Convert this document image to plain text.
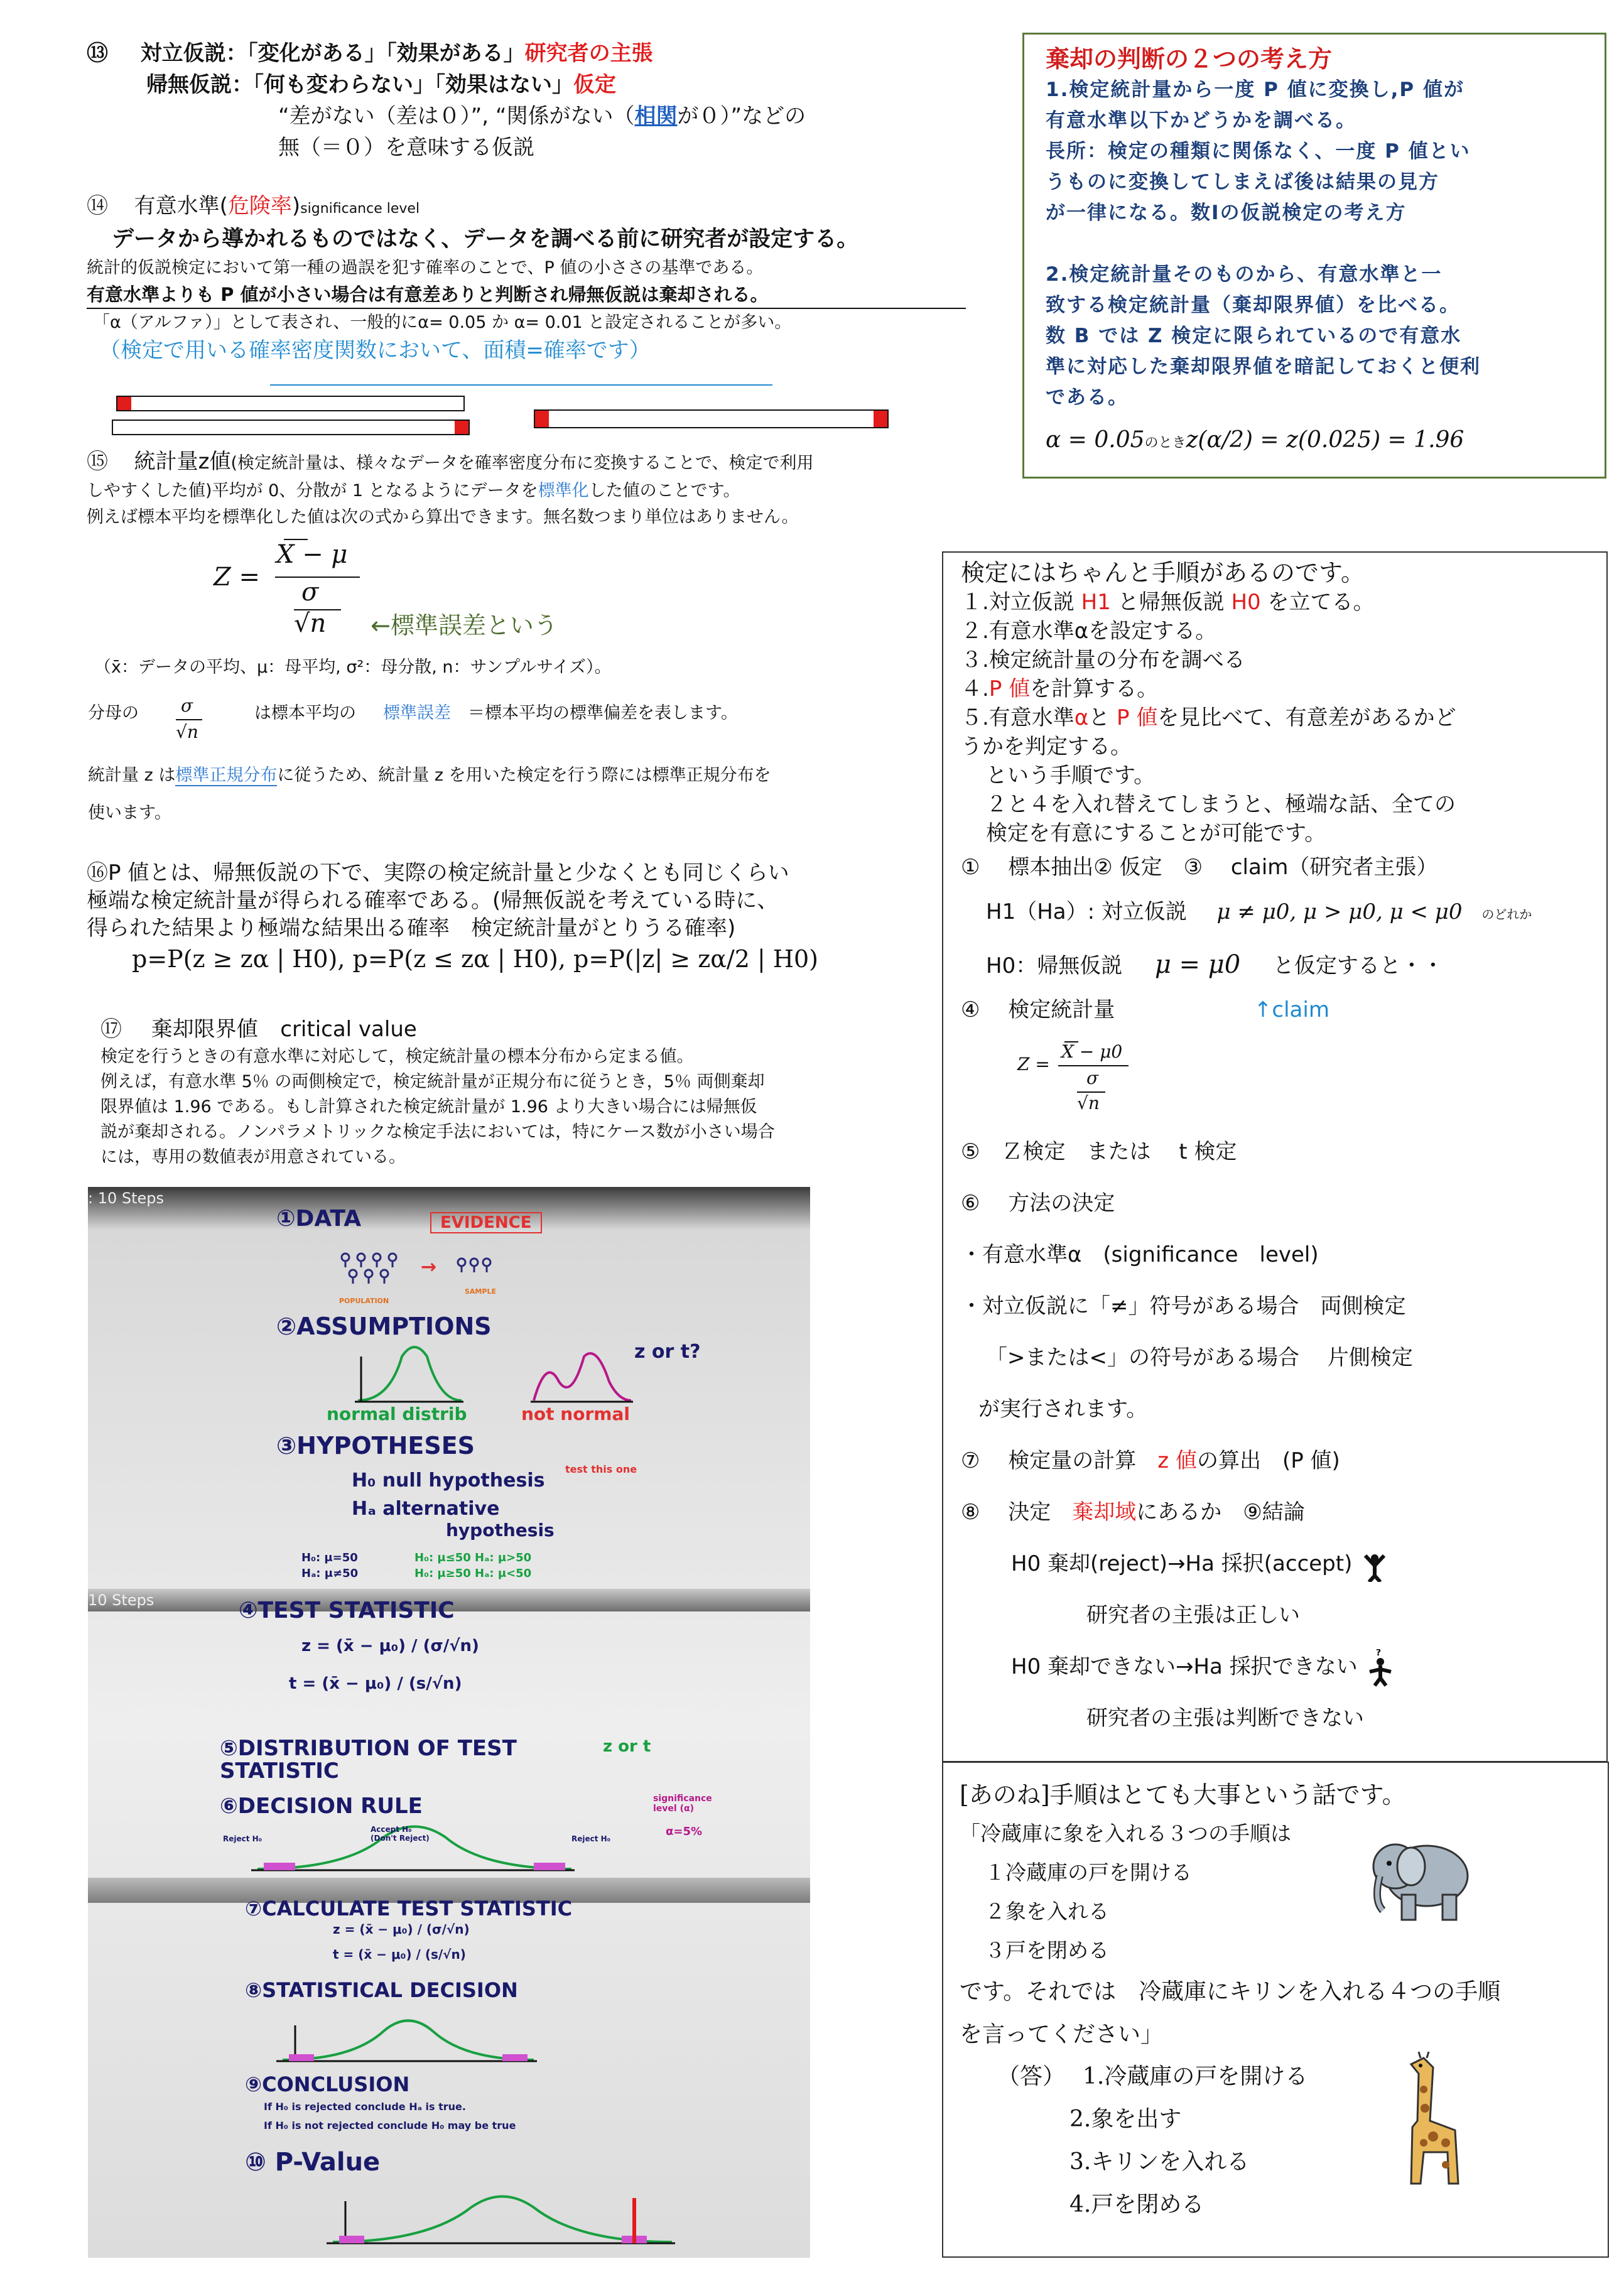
⑬ 対立仮説：「変化がある」「効果がある」研究者の主張
帰無仮説：「何も変わらない」「効果はない」仮定
“差がない（差は０）”, “関係がない（相関が０）”などの
無（＝０）を意味する仮説
⑭ 有意水準(危険率)significance level
データから導かれるものではなく、データを調べる前に研究者が設定する。
統計的仮説検定において第一種の過誤を犯す確率のことで、P 値の小ささの基準である。
有意水準よりも P 値が小さい場合は有意差ありと判断され帰無仮説は棄却される。
「α（アルファ）」として表され、一般的にα= 0.05 か α= 0.01 と設定されることが多い。
（検定で用いる確率密度関数において、面積=確率です）
⑮ 統計量z値(検定統計量は、様々なデータを確率密度分布に変換することで、検定で利用
しやすくした値)平均が 0、分散が 1 となるようにデータを標準化した値のことです。
例えば標本平均を標準化した値は次の式から算出できます。無名数つまり単位はありません。
Z =
X − μ
σ
√n ←標準誤差という
（x̄：データの平均、μ：母平均, σ²：母分散, n：サンプルサイズ）。
分母の σ
√n
は標本平均の 標準誤差 ＝標本平均の標準偏差を表します。
統計量 z は標準正規分布に従うため、統計量 z を用いた検定を行う際には標準正規分布を
使います。
⑯P 値とは、帰無仮説の下で、実際の検定統計量と少なくとも同じくらい
極端な検定統計量が得られる確率である。(帰無仮説を考えている時に、
得られた結果より極端な結果出る確率　検定統計量がとりうる確率)
p=P(z ≥ zα | H0), p=P(z ≤ zα | H0), p=P(|z| ≥ zα/2 | H0)
⑰ 棄却限界値 critical value
検定を行うときの有意水準に対応して，検定統計量の標本分布から定まる値。
例えば，有意水準 5％ の両側検定で，検定統計量が正規分布に従うとき，5％ 両側棄却
限界値は 1.96 である。もし計算された検定統計量が 1.96 より大きい場合には帰無仮
説が棄却される。ノンパラメトリックな検定手法においては，特にケース数が小さい場合
には，専用の数値表が用意されている。
棄却の判断の２つの考え方
1.検定統計量から一度 P 値に変換し,P 値が
有意水準以下かどうかを調べる。
長所：検定の種類に関係なく、一度 P 値とい
うものに変換してしまえば後は結果の見方
が一律になる。数Ⅰの仮説検定の考え方
2.検定統計量そのものから、有意水準と一
致する検定統計量（棄却限界値）を比べる。
数 B では Z 検定に限られているので有意水
準に対応した棄却限界値を暗記しておくと便利
である。
α = 0.05のときz(α/2) = z(0.025) = 1.96
検定にはちゃんと手順があるのです。
１.対立仮説 H1 と帰無仮説 H0 を立てる。
２.有意水準αを設定する。
３.検定統計量の分布を調べる
４.P 値を計算する。
５.有意水準αと P 値を見比べて、有意差があるかど
うかを判定する。
という手順です。
２と４を入れ替えてしまうと、極端な話、全ての
検定を有意にすることが可能です。
①　 標本抽出② 仮定　③　 claim（研究者主張）
H1（Ha）: 対立仮説 μ ≠ μ0, μ > μ0, μ < μ0 のどれか
H0：帰無仮説 μ = μ0 と仮定すると・・
④　 検定統計量	↑claim
Z =
X − μ0
σ
√n
⑤　Ｚ検定　または　 t 検定
⑥　 方法の決定
・有意水準α　(significance　level)
・対立仮説に「≠」符号がある場合　両側検定
「>または<」の符号がある場合　 片側検定
が実行されます。
⑦　 検定量の計算　z 値の算出　(P 値)
⑧　 決定　棄却域にあるか　⑨結論
H0 棄却(reject)→Ha 採択(accept)
研究者の主張は正しい
H0 棄却できない→Ha 採択できない
?
研究者の主張は判断できない
[あのね]手順はとても大事という話です。
「冷蔵庫に象を入れる３つの手順は
１冷蔵庫の戸を開ける
２象を入れる
３戸を閉める
です。それでは　冷蔵庫にキリンを入れる４つの手順
を言ってください」
（答） 1.冷蔵庫の戸を開ける
2.象を出す
3.キリンを入れる
4.戸を閉める
: 10 Steps
①DATA	EVIDENCE
POPULATION
→
SAMPLE
②ASSUMPTIONS
z or t?
normal distrib	not normal
③HYPOTHESES
H₀ null hypothesis
test this one
Hₐ alternative
hypothesis
H₀: μ=50
Hₐ: μ≠50
H₀: μ≤50 Hₐ: μ>50
H₀: μ≥50 Hₐ: μ<50
10 Steps	④TEST STATISTIC
z = (x̄ − μ₀) / (σ/√n)
t = (x̄ − μ₀) / (s/√n)
⑤DISTRIBUTION OF TEST STATISTIC
z or t
⑥DECISION RULE
Accept H₀ (Don't Reject)
Reject H₀	Reject H₀
significance level (α)
α=5%
⑦CALCULATE TEST STATISTIC
z = (x̄ − μ₀) / (σ/√n)
t = (x̄ − μ₀) / (s/√n)
⑧STATISTICAL DECISION
⑨CONCLUSION
If H₀ is rejected conclude Hₐ is true.
If H₀ is not rejected conclude H₀ may be true
⑩ P-Value
